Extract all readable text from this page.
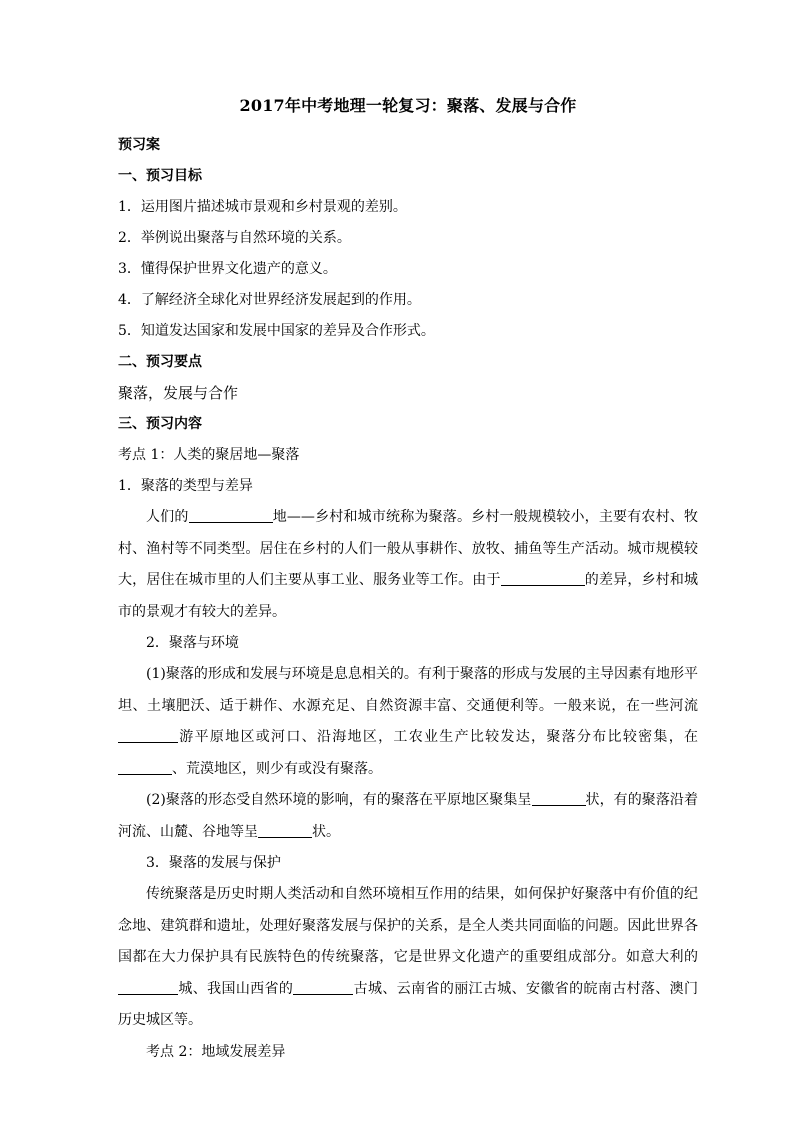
2017年中考地理一轮复习：聚落、发展与合作

预习案

一、预习目标

1．运用图片描述城市景观和乡村景观的差别。

2．举例说出聚落与自然环境的关系。

3．懂得保护世界文化遗产的意义。

4．了解经济全球化对世界经济发展起到的作用。

5．知道发达国家和发展中国家的差异及合作形式。

二、预习要点

聚落，发展与合作

三、预习内容

考点 1：人类的聚居地—聚落

1．聚落的类型与差异

人们的	地——乡村和城市统称为聚落。乡村一般规模较小，主要有农村、牧村、渔村等不同类型。居住在乡村的人们一般从事耕作、放牧、捕鱼等生产活动。城市规模较大，居住在城市里的人们主要从事工业、服务业等工作。由于	的差异，乡村和城市的景观才有较大的差异。

2．聚落与环境

(1)聚落的形成和发展与环境是息息相关的。有利于聚落的形成与发展的主导因素有地形平坦、土壤肥沃、适于耕作、水源充足、自然资源丰富、交通便利等。一般来说，在一些河流游平原地区或河口、沿海地区，工农业生产比较发达，聚落分布比较密集，在、荒漠地区，则少有或没有聚落。

(2)聚落的形态受自然环境的影响，有的聚落在平原地区聚集呈	状，有的聚落沿着河流、山麓、谷地等呈	状。

3．聚落的发展与保护

传统聚落是历史时期人类活动和自然环境相互作用的结果，如何保护好聚落中有价值的纪念地、建筑群和遗址，处理好聚落发展与保护的关系，是全人类共同面临的问题。因此世界各国都在大力保护具有民族特色的传统聚落，它是世界文化遗产的重要组成部分。如意大利的城、我国山西省的	古城、云南省的丽江古城、安徽省的皖南古村落、澳门历史城区等。

考点 2：地域发展差异
